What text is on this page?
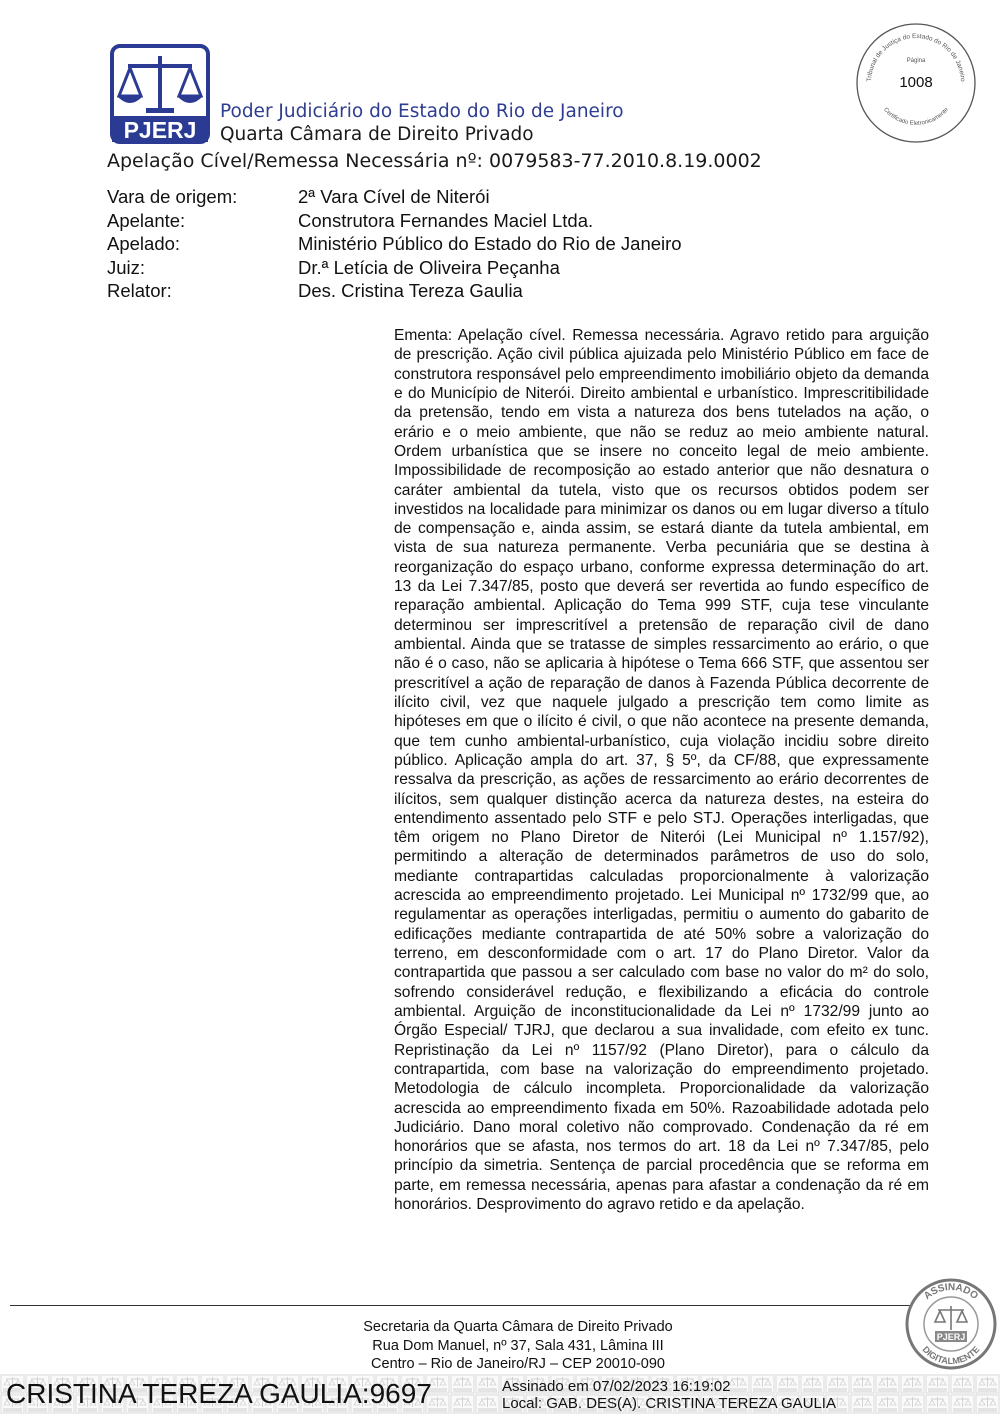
PJERJ
Poder Judiciário do Estado do Rio de Janeiro
Quarta Câmara de Direito Privado
Apelação Cível/Remessa Necessária nº: 0079583-77.2010.8.19.0002
Tribunal de Justiça do Estado do Rio de Janeiro
Página
Certificado Eletronicamente
1008
Vara de origem:	2ª Vara Cível de Niterói
Apelante:	Construtora Fernandes Maciel Ltda.
Apelado:	Ministério Público do Estado do Rio de Janeiro
Juiz:	Dr.ª Letícia de Oliveira Peçanha
Relator:	Des. Cristina Tereza Gaulia
Ementa: Apelação cível. Remessa necessária. Agravo retido para arguição de prescrição. Ação civil pública ajuizada pelo Ministério Público em face de construtora responsável pelo empreendimento imobiliário objeto da demanda e do Município de Niterói. Direito ambiental e urbanístico. Imprescritibilidade da pretensão, tendo em vista a natureza dos bens tutelados na ação, o erário e o meio ambiente, que não se reduz ao meio ambiente natural. Ordem urbanística que se insere no conceito legal de meio ambiente. Impossibilidade de recomposição ao estado anterior que não desnatura o caráter ambiental da tutela, visto que os recursos obtidos podem ser investidos na localidade para minimizar os danos ou em lugar diverso a título de compensação e, ainda assim, se estará diante da tutela ambiental, em vista de sua natureza permanente. Verba pecuniária que se destina à reorganização do espaço urbano, conforme expressa determinação do art. 13 da Lei 7.347/85, posto que deverá ser revertida ao fundo específico de reparação ambiental. Aplicação do Tema 999 STF, cuja tese vinculante determinou ser imprescritível a pretensão de reparação civil de dano ambiental. Ainda que se tratasse de simples ressarcimento ao erário, o que não é o caso, não se aplicaria à hipótese o Tema 666 STF, que assentou ser prescritível a ação de reparação de danos à Fazenda Pública decorrente de ilícito civil, vez que naquele julgado a prescrição tem como limite as hipóteses em que o ilícito é civil, o que não acontece na presente demanda, que tem cunho ambiental-urbanístico, cuja violação incidiu sobre direito público. Aplicação ampla do art. 37, § 5º, da CF/88, que expressamente ressalva da prescrição, as ações de ressarcimento ao erário decorrentes de ilícitos, sem qualquer distinção acerca da natureza destes, na esteira do entendimento assentado pelo STF e pelo STJ. Operações interligadas, que têm origem no Plano Diretor de Niterói (Lei Municipal nº 1.157/92), permitindo a alteração de determinados parâmetros de uso do solo, mediante contrapartidas calculadas proporcionalmente à valorização acrescida ao empreendimento projetado. Lei Municipal nº 1732/99 que, ao regulamentar as operações interligadas, permitiu o aumento do gabarito de edificações mediante contrapartida de até 50% sobre a valorização do terreno, em desconformidade com o art. 17 do Plano Diretor. Valor da contrapartida que passou a ser calculado com base no valor do m² do solo, sofrendo considerável redução, e flexibilizando a eficácia do controle ambiental. Arguição de inconstitucionalidade da Lei nº 1732/99 junto ao Órgão Especial/ TJRJ, que declarou a sua invalidade, com efeito ex tunc. Repristinação da Lei nº 1157/92 (Plano Diretor), para o cálculo da contrapartida, com base na valorização do empreendimento projetado. Metodologia de cálculo incompleta. Proporcionalidade da valorização acrescida ao empreendimento fixada em 50%. Razoabilidade adotada pelo Judiciário. Dano moral coletivo não comprovado. Condenação da ré em honorários que se afasta, nos termos do art. 18 da Lei nº 7.347/85, pelo princípio da simetria. Sentença de parcial procedência que se reforma em parte, em remessa necessária, apenas para afastar a condenação da ré em honorários. Desprovimento do agravo retido e da apelação.
Secretaria da Quarta Câmara de Direito Privado
Rua Dom Manuel, nº 37, Sala 431, Lâmina III
Centro – Rio de Janeiro/RJ – CEP 20010-090
ASSINADO
DIGITALMENTE
PJERJ
CRISTINA TEREZA GAULIA:9697	Assinado em 07/02/2023 16:19:02
Local: GAB. DES(A). CRISTINA TEREZA GAULIA
